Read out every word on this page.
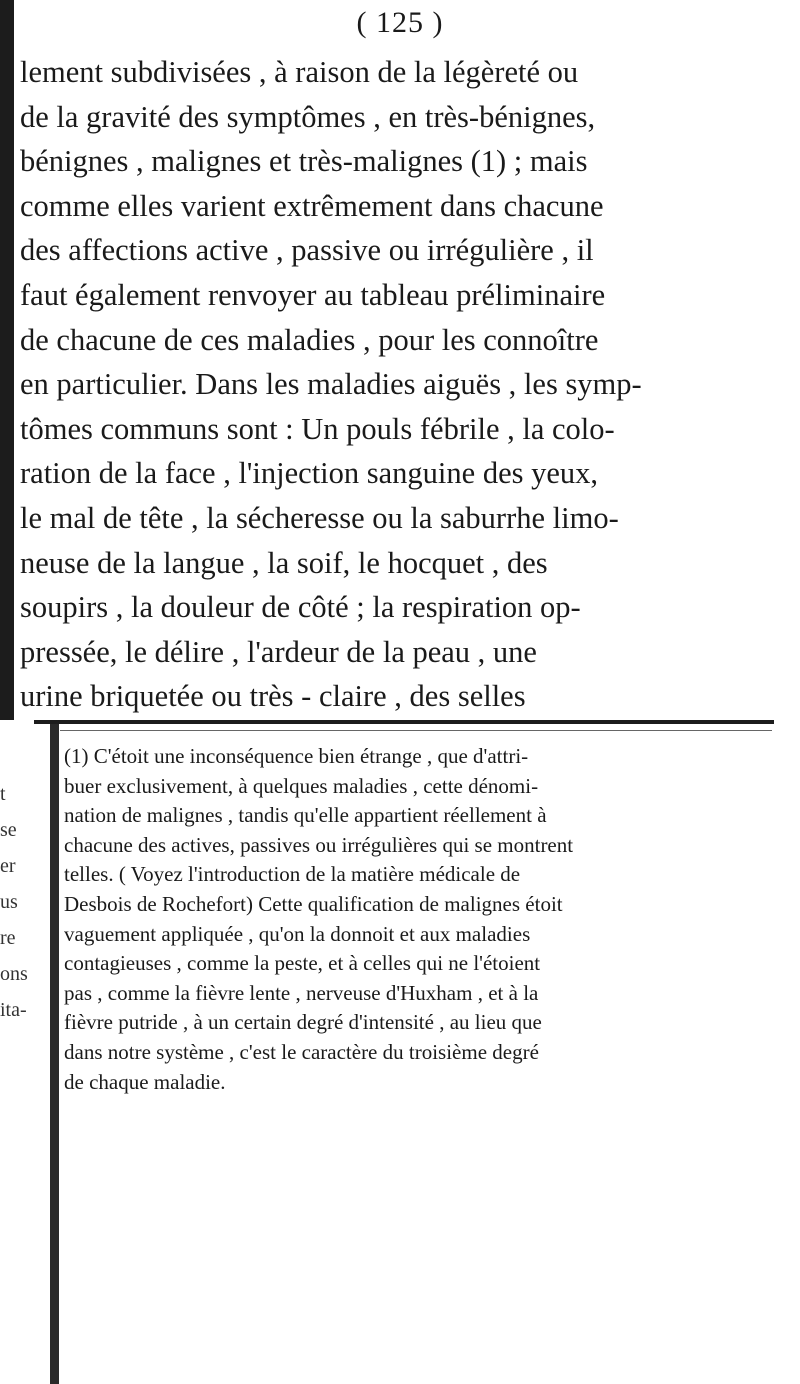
t
se
er
us
re
ons
ita-
( 125 )
lement subdivisées , à raison de la légèreté ou
de la gravité des symptômes , en très-bénignes,
bénignes , malignes et très-malignes (1) ; mais
comme elles varient extrêmement dans chacune
des affections active , passive ou irrégulière , il
faut également renvoyer au tableau préliminaire
de chacune de ces maladies , pour les connoître
en particulier. Dans les maladies aiguës , les symp-
tômes communs sont : Un pouls fébrile , la colo-
ration de la face , l'injection sanguine des yeux,
le mal de tête , la sécheresse ou la saburrhe limo-
neuse de la langue , la soif, le hocquet , des
soupirs , la douleur de côté ; la respiration op-
pressée, le délire , l'ardeur de la peau , une
urine briquetée ou très - claire , des selles
(1) C'étoit une inconséquence bien étrange , que d'attri-
buer exclusivement, à quelques maladies , cette dénomi-
nation de malignes , tandis qu'elle appartient réellement à
chacune des actives, passives ou irrégulières qui se montrent
telles. ( Voyez l'introduction de la matière médicale de
Desbois de Rochefort) Cette qualification de malignes étoit
vaguement appliquée , qu'on la donnoit et aux maladies
contagieuses , comme la peste, et à celles qui ne l'étoient
pas , comme la fièvre lente , nerveuse d'Huxham , et à la
fièvre putride , à un certain degré d'intensité , au lieu que
dans notre système , c'est le caractère du troisième degré
de chaque maladie.
